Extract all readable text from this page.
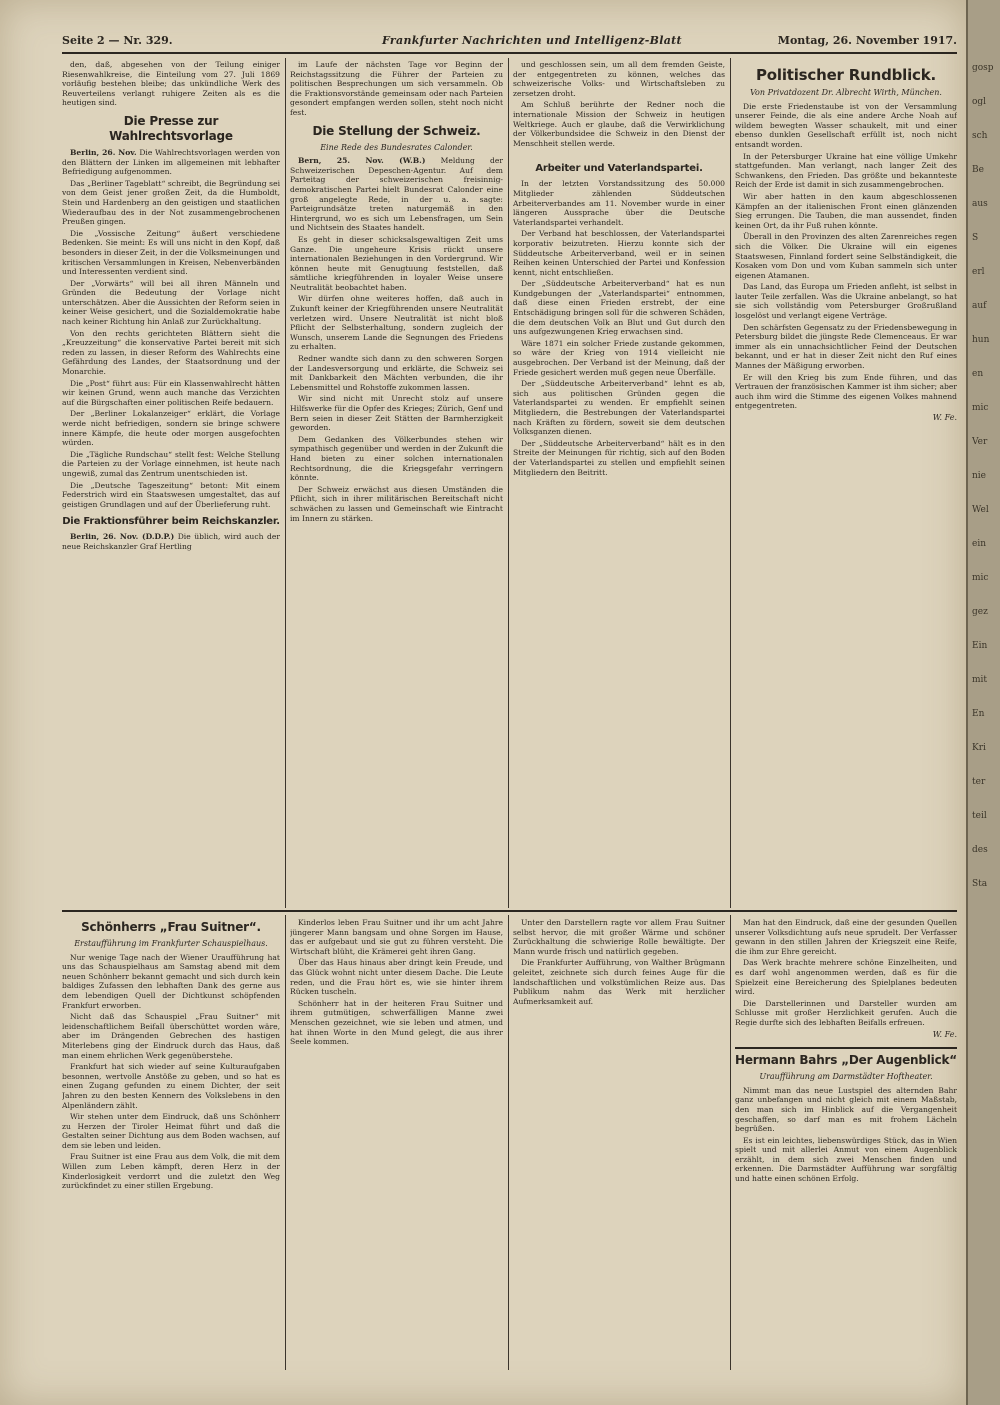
gosp
ogl
sch
Be
aus
S
erl
auf
hun
en
mic
Ver
nie
Wel
ein
mic
gez
Ein
mit
En
Kri
ter
teil
des
Sta
Seite 2 — Nr. 329.	Frankfurter Nachrichten und Intelligenz-Blatt	Montag, 26. November 1917.

den, daß, abgesehen von der Teilung einiger Riesenwahlkreise, die Einteilung vom 27. Juli 1869 vorläufig bestehen bleibe; das unkündliche Werk des Reuverteilens verlangt ruhigere Zeiten als es die heutigen sind.

Die Presse zur Wahlrechtsvorlage

Berlin, 26. Nov. Die Wahlrechtsvorlagen werden von den Blättern der Linken im allgemeinen mit lebhafter Befriedigung aufgenommen.

Das „Berliner Tageblatt“ schreibt, die Begründung sei von dem Geist jener großen Zeit, da die Humboldt, Stein und Hardenberg an den geistigen und staatlichen Wiederaufbau des in der Not zusammengebrochenen Preußen gingen.

Die „Vossische Zeitung“ äußert verschiedene Bedenken. Sie meint: Es will uns nicht in den Kopf, daß besonders in dieser Zeit, in der die Volksmeinungen und kritischen Versammlungen in Kreisen, Nebenverbänden und Interessenten verdient sind.

Der „Vorwärts“ will bei all ihren Männeln und Gründen die Bedeutung der Vorlage nicht unterschätzen. Aber die Aussichten der Reform seien in keiner Weise gesichert, und die Sozialdemokratie habe nach keiner Richtung hin Anlaß zur Zurückhaltung.

Von den rechts gerichteten Blättern sieht die „Kreuzzeitung“ die konservative Partei bereit mit sich reden zu lassen, in dieser Reform des Wahlrechts eine Gefährdung des Landes, der Staatsordnung und der Monarchie.

Die „Post“ führt aus: Für ein Klassenwahlrecht hätten wir keinen Grund, wenn auch manche das Verzichten auf die Bürgschaften einer politischen Reife bedauern.

Der „Berliner Lokalanzeiger“ erklärt, die Vorlage werde nicht befriedigen, sondern sie bringe schwere innere Kämpfe, die heute oder morgen ausgefochten würden.

Die „Tägliche Rundschau“ stellt fest: Welche Stellung die Parteien zu der Vorlage einnehmen, ist heute nach ungewiß, zumal das Zentrum unentschieden ist.

Die „Deutsche Tageszeitung“ betont: Mit einem Federstrich wird ein Staatswesen umgestaltet, das auf geistigen Grundlagen und auf der Überlieferung ruht.

Die Fraktionsführer beim Reichskanzler.

Berlin, 26. Nov. (D.D.P.) Die üblich, wird auch der neue Reichskanzler Graf Hertling

im Laufe der nächsten Tage vor Beginn der Reichstagssitzung die Führer der Parteien zu politischen Besprechungen um sich versammeln. Ob die Fraktionsvorstände gemeinsam oder nach Parteien gesondert empfangen werden sollen, steht noch nicht fest.

Die Stellung der Schweiz.
Eine Rede des Bundesrates Calonder.

Bern, 25. Nov. (W.B.) Meldung der Schweizerischen Depeschen-Agentur. Auf dem Parteitag der schweizerischen freisinnig-demokratischen Partei hielt Bundesrat Calonder eine groß angelegte Rede, in der u. a. sagte: Parteigrundsätze treten naturgemäß in den Hintergrund, wo es sich um Lebensfragen, um Sein und Nichtsein des Staates handelt.

Es geht in dieser schicksalsgewaltigen Zeit ums Ganze. Die ungeheure Krisis rückt unsere internationalen Beziehungen in den Vordergrund. Wir können heute mit Genugtuung feststellen, daß sämtliche kriegführenden in loyaler Weise unsere Neutralität beobachtet haben.

Wir dürfen ohne weiteres hoffen, daß auch in Zukunft keiner der Kriegführenden unsere Neutralität verletzen wird. Unsere Neutralität ist nicht bloß Pflicht der Selbsterhaltung, sondern zugleich der Wunsch, unserem Lande die Segnungen des Friedens zu erhalten.

Redner wandte sich dann zu den schweren Sorgen der Landesversorgung und erklärte, die Schweiz sei mit Dankbarkeit den Mächten verbunden, die ihr Lebensmittel und Rohstoffe zukommen lassen.

Wir sind nicht mit Unrecht stolz auf unsere Hilfswerke für die Opfer des Krieges; Zürich, Genf und Bern seien in dieser Zeit Stätten der Barmherzigkeit geworden.

Dem Gedanken des Völkerbundes stehen wir sympathisch gegenüber und werden in der Zukunft die Hand bieten zu einer solchen internationalen Rechtsordnung, die die Kriegsgefahr verringern könnte.

Der Schweiz erwächst aus diesen Umständen die Pflicht, sich in ihrer militärischen Bereitschaft nicht schwächen zu lassen und Gemeinschaft wie Eintracht im Innern zu stärken.

und geschlossen sein, um all dem fremden Geiste, der entgegentreten zu können, welches das schweizerische Volks- und Wirtschaftsleben zu zersetzen droht.

Am Schluß berührte der Redner noch die internationale Mission der Schweiz in heutigen Weltkriege. Auch er glaube, daß die Verwirklichung der Völkerbundsidee die Schweiz in den Dienst der Menschheit stellen werde.

Arbeiter und Vaterlandspartei.

In der letzten Vorstandssitzung des 50.000 Mitglieder zählenden Süddeutschen Arbeiterverbandes am 11. November wurde in einer längeren Aussprache über die Deutsche Vaterlandspartei verhandelt.

Der Verband hat beschlossen, der Vaterlandspartei korporativ beizutreten. Hierzu konnte sich der Süddeutsche Arbeiterverband, weil er in seinen Reihen keinen Unterschied der Partei und Konfession kennt, nicht entschließen.

Der „Süddeutsche Arbeiterverband“ hat es nun Kundgebungen der „Vaterlandspartei“ entnommen, daß diese einen Frieden erstrebt, der eine Entschädigung bringen soll für die schweren Schäden, die dem deutschen Volk an Blut und Gut durch den uns aufgezwungenen Krieg erwachsen sind.

Wäre 1871 ein solcher Friede zustande gekommen, so wäre der Krieg von 1914 vielleicht nie ausgebrochen. Der Verband ist der Meinung, daß der Friede gesichert werden muß gegen neue Überfälle.

Der „Süddeutsche Arbeiterverband“ lehnt es ab, sich aus politischen Gründen gegen die Vaterlandspartei zu wenden. Er empfiehlt seinen Mitgliedern, die Bestrebungen der Vaterlandspartei nach Kräften zu fördern, soweit sie dem deutschen Volksganzen dienen.

Der „Süddeutsche Arbeiterverband“ hält es in den Streite der Meinungen für richtig, sich auf den Boden der Vaterlandspartei zu stellen und empfiehlt seinen Mitgliedern den Beitritt.

Politischer Rundblick.
Von Privatdozent Dr. Albrecht Wirth, München.

Die erste Friedenstaube ist von der Versammlung unserer Feinde, die als eine andere Arche Noah auf wildem bewegten Wasser schaukelt, mit und einer ebenso dunklen Gesellschaft erfüllt ist, noch nicht entsandt worden.

In der Petersburger Ukraine hat eine völlige Umkehr stattgefunden. Man verlangt, nach langer Zeit des Schwankens, den Frieden. Das größte und bekannteste Reich der Erde ist damit in sich zusammengebrochen.

Wir aber hatten in den kaum abgeschlossenen Kämpfen an der italienischen Front einen glänzenden Sieg errungen. Die Tauben, die man aussendet, finden keinen Ort, da ihr Fuß ruhen könnte.

Überall in den Provinzen des alten Zarenreiches regen sich die Völker. Die Ukraine will ein eigenes Staatswesen, Finnland fordert seine Selbständigkeit, die Kosaken vom Don und vom Kuban sammeln sich unter eigenen Atamanen.

Das Land, das Europa um Frieden anfleht, ist selbst in lauter Teile zerfallen. Was die Ukraine anbelangt, so hat sie sich vollständig vom Petersburger Großrußland losgelöst und verlangt eigene Verträge.

Den schärfsten Gegensatz zu der Friedensbewegung in Petersburg bildet die jüngste Rede Clemenceaus. Er war immer als ein unnachsichtlicher Feind der Deutschen bekannt, und er hat in dieser Zeit nicht den Ruf eines Mannes der Mäßigung erworben.

Er will den Krieg bis zum Ende führen, und das Vertrauen der französischen Kammer ist ihm sicher; aber auch ihm wird die Stimme des eigenen Volkes mahnend entgegentreten.

W. Fe.
Schönherrs „Frau Suitner“.
Erstaufführung im Frankfurter Schauspielhaus.

Nur wenige Tage nach der Wiener Uraufführung hat uns das Schauspielhaus am Samstag abend mit dem neuen Schönherr bekannt gemacht und sich durch kein baldiges Zufassen den lebhaften Dank des gerne aus dem lebendigen Quell der Dichtkunst schöpfenden Frankfurt erworben.

Nicht daß das Schauspiel „Frau Suitner“ mit leidenschaftlichem Beifall überschüttet worden wäre, aber im Drängenden Gebrechen des hastigen Miterlebens ging der Eindruck durch das Haus, daß man einem ehrlichen Werk gegenüberstehe.

Frankfurt hat sich wieder auf seine Kulturaufgaben besonnen, wertvolle Anstöße zu geben, und so hat es einen Zugang gefunden zu einem Dichter, der seit Jahren zu den besten Kennern des Volkslebens in den Alpenländern zählt.

Wir stehen unter dem Eindruck, daß uns Schönherr zu Herzen der Tiroler Heimat führt und daß die Gestalten seiner Dichtung aus dem Boden wachsen, auf dem sie leben und leiden.

Frau Suitner ist eine Frau aus dem Volk, die mit dem Willen zum Leben kämpft, deren Herz in der Kinderlosigkeit verdorrt und die zuletzt den Weg zurückfindet zu einer stillen Ergebung.

Kinderlos leben Frau Suitner und ihr um acht Jahre jüngerer Mann bangsam und ohne Sorgen im Hause, das er aufgebaut und sie gut zu führen versteht. Die Wirtschaft blüht, die Krämerei geht ihren Gang.

Über das Haus hinaus aber dringt kein Freude, und das Glück wohnt nicht unter diesem Dache. Die Leute reden, und die Frau hört es, wie sie hinter ihrem Rücken tuscheln.

Schönherr hat in der heiteren Frau Suitner und ihrem gutmütigen, schwerfälligen Manne zwei Menschen gezeichnet, wie sie leben und atmen, und hat ihnen Worte in den Mund gelegt, die aus ihrer Seele kommen.

Unter den Darstellern ragte vor allem Frau Suitner selbst hervor, die mit großer Wärme und schöner Zurückhaltung die schwierige Rolle bewältigte. Der Mann wurde frisch und natürlich gegeben.

Die Frankfurter Aufführung, von Walther Brügmann geleitet, zeichnete sich durch feines Auge für die landschaftlichen und volkstümlichen Reize aus. Das Publikum nahm das Werk mit herzlicher Aufmerksamkeit auf.

Man hat den Eindruck, daß eine der gesunden Quellen unserer Volksdichtung aufs neue sprudelt. Der Verfasser gewann in den stillen Jahren der Kriegszeit eine Reife, die ihm zur Ehre gereicht.

Das Werk brachte mehrere schöne Einzelheiten, und es darf wohl angenommen werden, daß es für die Spielzeit eine Bereicherung des Spielplanes bedeuten wird.

Die Darstellerinnen und Darsteller wurden am Schlusse mit großer Herzlichkeit gerufen. Auch die Regie durfte sich des lebhaften Beifalls erfreuen.

W. Fe.
Hermann Bahrs „Der Augenblick“
Uraufführung am Darmstädter Hoftheater.

Nimmt man das neue Lustspiel des alternden Bahr ganz unbefangen und nicht gleich mit einem Maßstab, den man sich im Hinblick auf die Vergangenheit geschaffen, so darf man es mit frohem Lächeln begrüßen.

Es ist ein leichtes, liebenswürdiges Stück, das in Wien spielt und mit allerlei Anmut von einem Augenblick erzählt, in dem sich zwei Menschen finden und erkennen. Die Darmstädter Aufführung war sorgfältig und hatte einen schönen Erfolg.
